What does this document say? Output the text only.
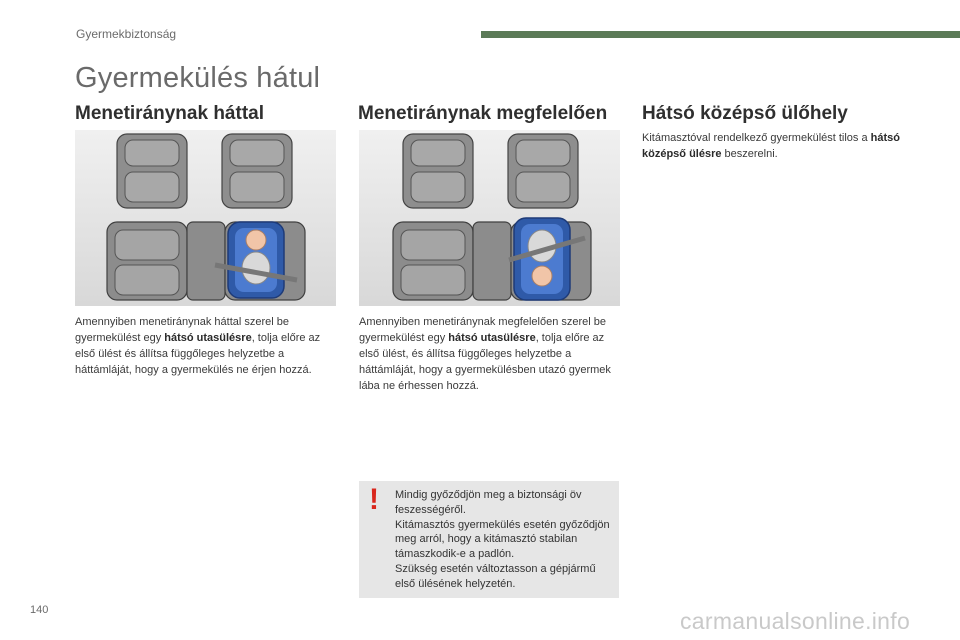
Gyermekbiztonság
Gyermekülés hátul
Menetiránynak háttal
Amennyiben menetiránynak háttal szerel be gyermekülést egy hátsó utasülésre, tolja előre az első ülést és állítsa függőleges helyzetbe a háttámláját, hogy a gyermekülés ne érjen hozzá.
Menetiránynak megfelelően
Amennyiben menetiránynak megfelelően szerel be gyermekülést egy hátsó utasülésre, tolja előre az első ülést, és állítsa függőleges helyzetbe a háttámláját, hogy a gyermekülésben utazó gyermek lába ne érhessen hozzá.
Hátsó középső ülőhely
Kitámasztóval rendelkező gyermekülést tilos a hátsó középső ülésre beszerelni.
! Mindig győződjön meg a biztonsági öv feszességéről.
Kitámasztós gyermekülés esetén győződjön meg arról, hogy a kitámasztó stabilan támaszkodik-e a padlón.
Szükség esetén változtasson a gépjármű első ülésének helyzetén.
140	carmanualsonline.info
